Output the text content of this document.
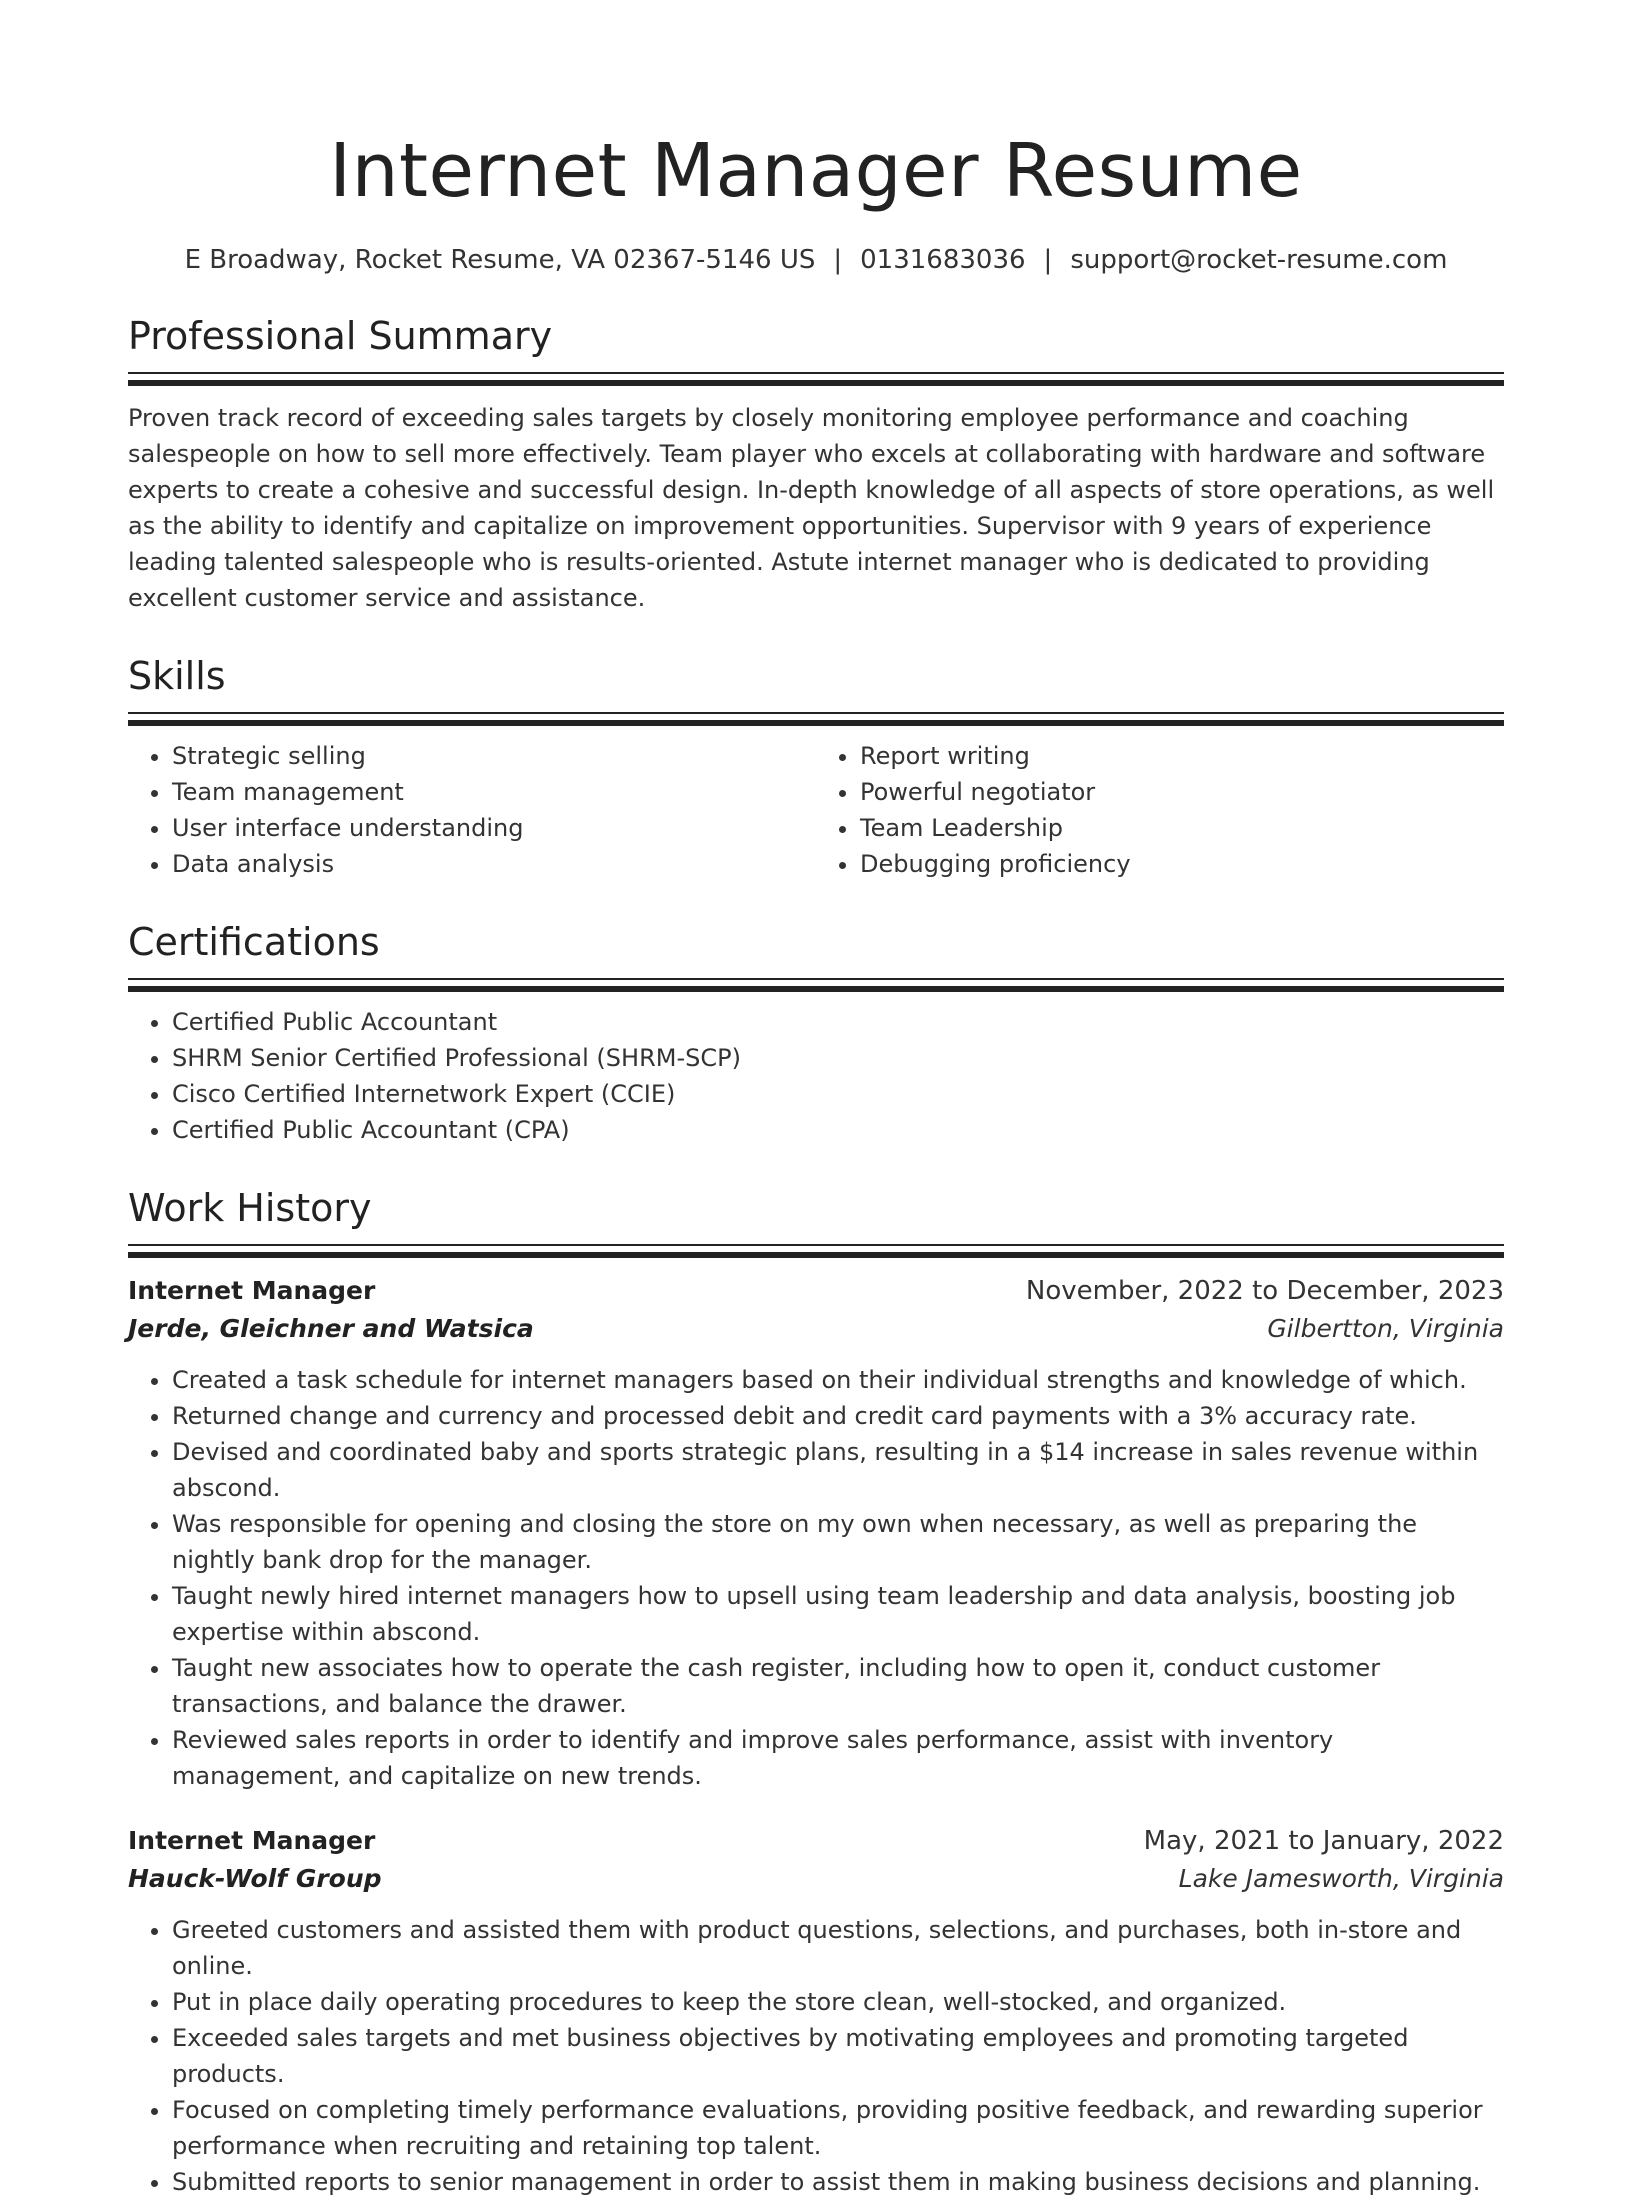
Internet Manager Resume
E Broadway, Rocket Resume, VA 02367-5146 US | 0131683036 | support@rocket-resume.com
Professional Summary
Proven track record of exceeding sales targets by closely monitoring employee performance and coaching salespeople on how to sell more effectively. Team player who excels at collaborating with hardware and software experts to create a cohesive and successful design. In-depth knowledge of all aspects of store operations, as well as the ability to identify and capitalize on improvement opportunities. Supervisor with 9 years of experience leading talented salespeople who is results-oriented. Astute internet manager who is dedicated to providing excellent customer service and assistance.
Skills
• Strategic selling
• Team management
• User interface understanding
• Data analysis
• Report writing
• Powerful negotiator
• Team Leadership
• Debugging proficiency
Certifications
• Certified Public Accountant
• SHRM Senior Certified Professional (SHRM-SCP)
• Cisco Certified Internetwork Expert (CCIE)
• Certified Public Accountant (CPA)
Work History
Internet Manager	November, 2022 to December, 2023
Jerde, Gleichner and Watsica	Gilbertton, Virginia
• Created a task schedule for internet managers based on their individual strengths and knowledge of which.
• Returned change and currency and processed debit and credit card payments with a 3% accuracy rate.
• Devised and coordinated baby and sports strategic plans, resulting in a $14 increase in sales revenue within abscond.
• Was responsible for opening and closing the store on my own when necessary, as well as preparing the nightly bank drop for the manager.
• Taught newly hired internet managers how to upsell using team leadership and data analysis, boosting job expertise within abscond.
• Taught new associates how to operate the cash register, including how to open it, conduct customer transactions, and balance the drawer.
• Reviewed sales reports in order to identify and improve sales performance, assist with inventory management, and capitalize on new trends.
Internet Manager	May, 2021 to January, 2022
Hauck-Wolf Group	Lake Jamesworth, Virginia
• Greeted customers and assisted them with product questions, selections, and purchases, both in-store and online.
• Put in place daily operating procedures to keep the store clean, well-stocked, and organized.
• Exceeded sales targets and met business objectives by motivating employees and promoting targeted products.
• Focused on completing timely performance evaluations, providing positive feedback, and rewarding superior performance when recruiting and retaining top talent.
• Submitted reports to senior management in order to assist them in making business decisions and planning.
